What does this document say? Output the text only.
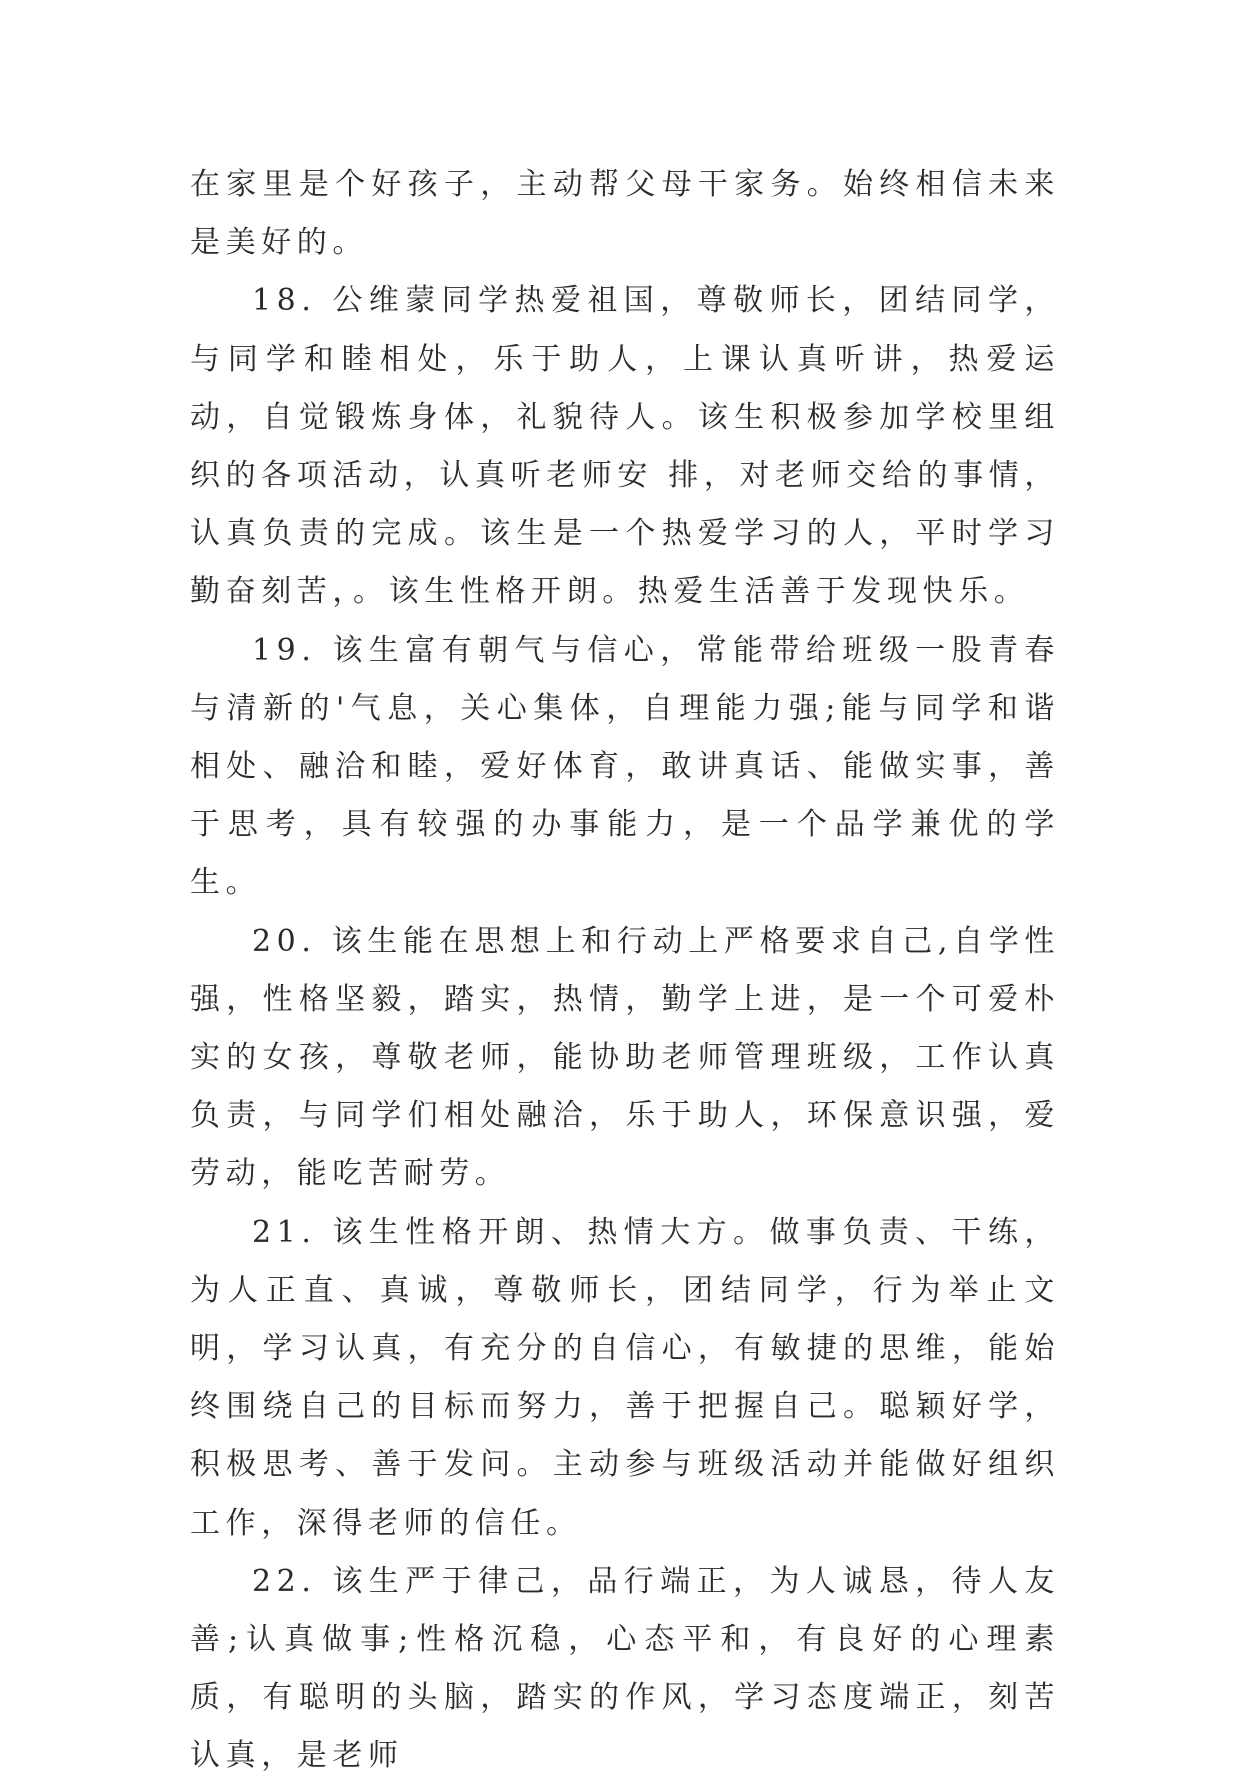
在家里是个好孩子，主动帮父母干家务。始终相信未来是美好的。

18. 公维蒙同学热爱祖国，尊敬师长，团结同学，与同学和睦相处，乐于助人，上课认真听讲，热爱运动，自觉锻炼身体，礼貌待人。该生积极参加学校里组织的各项活动，认真听老师安 排，对老师交给的事情，认真负责的完成。该生是一个热爱学习的人，平时学习勤奋刻苦，。该生性格开朗。热爱生活善于发现快乐。

19. 该生富有朝气与信心，常能带给班级一股青春与清新的'气息，关心集体，自理能力强;能与同学和谐相处、融洽和睦，爱好体育，敢讲真话、能做实事，善于思考，具有较强的办事能力，是一个品学兼优的学生。

20. 该生能在思想上和行动上严格要求自己,自学性强，性格坚毅，踏实，热情，勤学上进，是一个可爱朴实的女孩，尊敬老师，能协助老师管理班级，工作认真负责，与同学们相处融洽，乐于助人，环保意识强，爱劳动，能吃苦耐劳。

21. 该生性格开朗、热情大方。做事负责、干练，为人正直、真诚，尊敬师长，团结同学，行为举止文明，学习认真，有充分的自信心，有敏捷的思维，能始终围绕自己的目标而努力，善于把握自己。聪颖好学，积极思考、善于发问。主动参与班级活动并能做好组织工作，深得老师的信任。

22. 该生严于律己，品行端正，为人诚恳，待人友善;认真做事;性格沉稳，心态平和，有良好的心理素质，有聪明的头脑，踏实的作风，学习态度端正，刻苦认真，是老师
